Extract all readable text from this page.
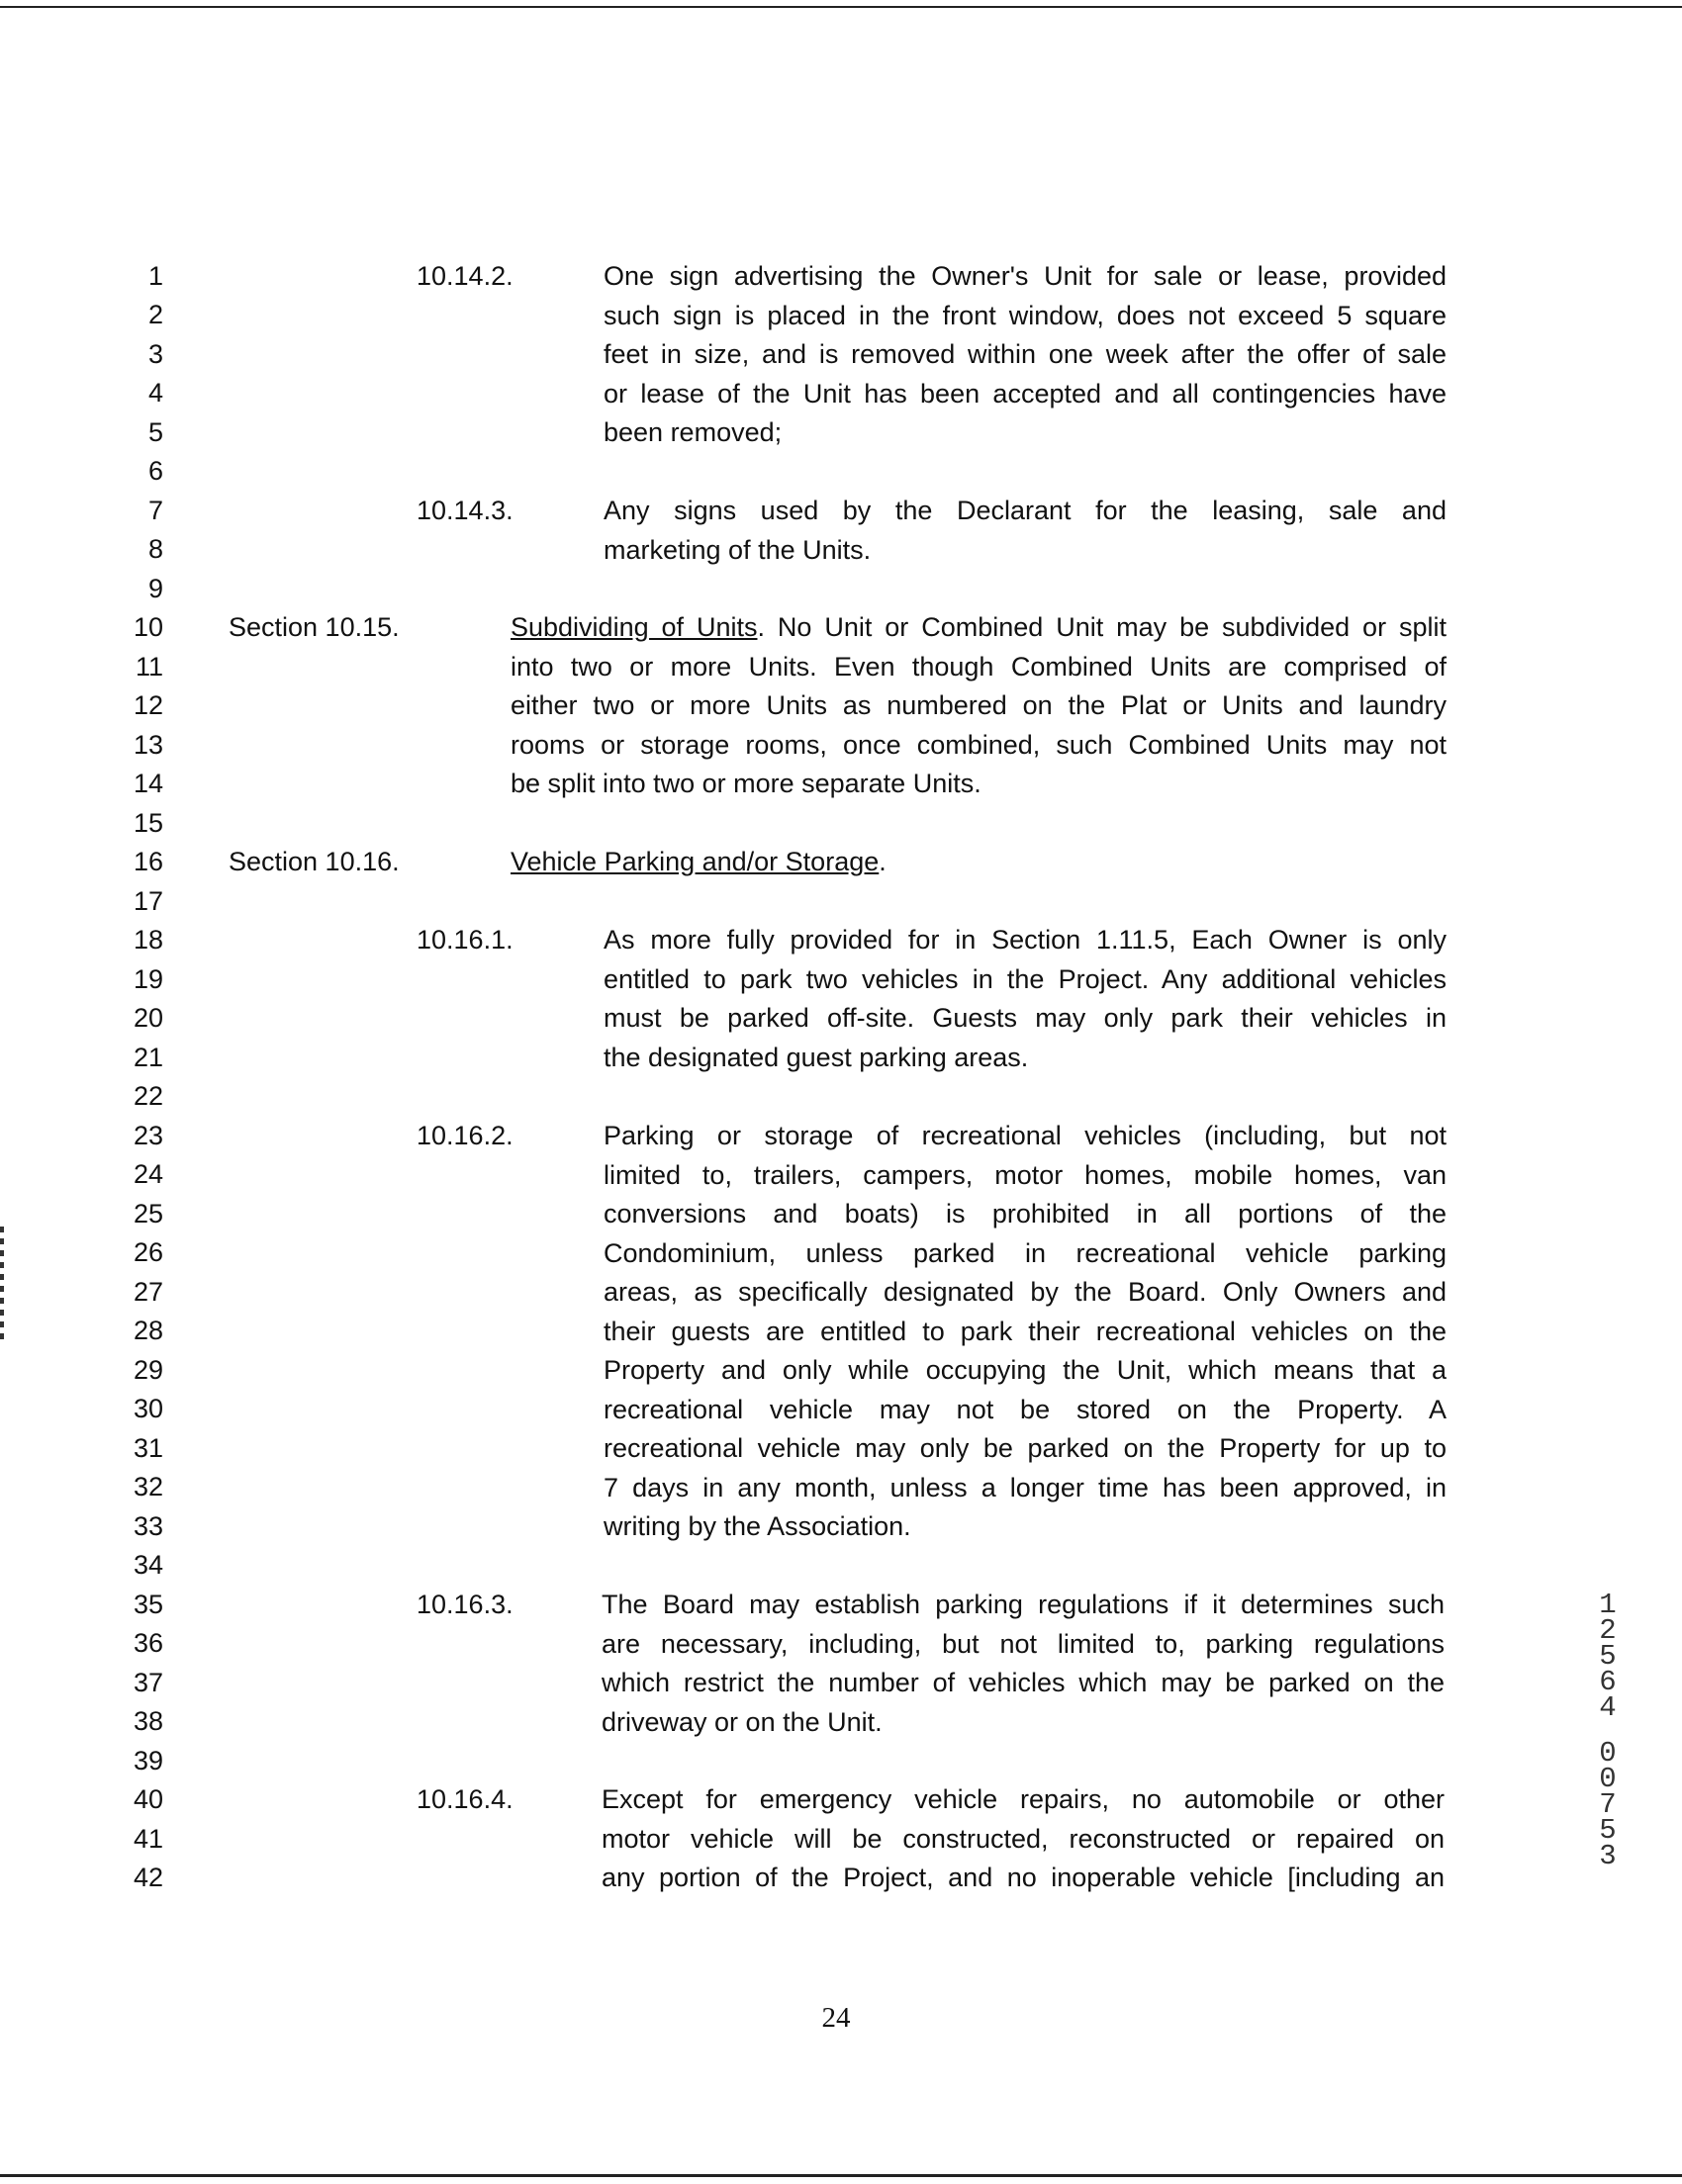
1
2
3
4
5
6
7
8
9
10
11
12
13
14
15
16
17
18
19
20
21
22
23
24
25
26
27
28
29
30
31
32
33
34
35
36
37
38
39
40
41
42
10.14.2.	One sign advertising the Owner's Unit for sale or lease, provided
such sign is placed in the front window, does not exceed 5 square
feet in size, and is removed within one week after the offer of sale
or lease of the Unit has been accepted and all contingencies have
been removed;
10.14.3.	Any signs used by the Declarant for the leasing, sale and
marketing of the Units.
Section 10.15.	Subdividing of Units. No Unit or Combined Unit may be subdivided or split
into two or more Units. Even though Combined Units are comprised of
either two or more Units as numbered on the Plat or Units and laundry
rooms or storage rooms, once combined, such Combined Units may not
be split into two or more separate Units.
Section 10.16.	Vehicle Parking and/or Storage.
10.16.1.	As more fully provided for in Section 1.11.5, Each Owner is only
entitled to park two vehicles in the Project. Any additional vehicles
must be parked off-site. Guests may only park their vehicles in
the designated guest parking areas.
10.16.2.	Parking or storage of recreational vehicles (including, but not
limited to, trailers, campers, motor homes, mobile homes, van
conversions and boats) is prohibited in all portions of the
Condominium, unless parked in recreational vehicle parking
areas, as specifically designated by the Board. Only Owners and
their guests are entitled to park their recreational vehicles on the
Property and only while occupying the Unit, which means that a
recreational vehicle may not be stored on the Property. A
recreational vehicle may only be parked on the Property for up to
7 days in any month, unless a longer time has been approved, in
writing by the Association.
10.16.3.	The Board may establish parking regulations if it determines such
are necessary, including, but not limited to, parking regulations
which restrict the number of vehicles which may be parked on the
driveway or on the Unit.
10.16.4.	Except for emergency vehicle repairs, no automobile or other
motor vehicle will be constructed, reconstructed or repaired on
any portion of the Project, and no inoperable vehicle [including an
24
1
2
5
6
4
0
0
7
5
3
